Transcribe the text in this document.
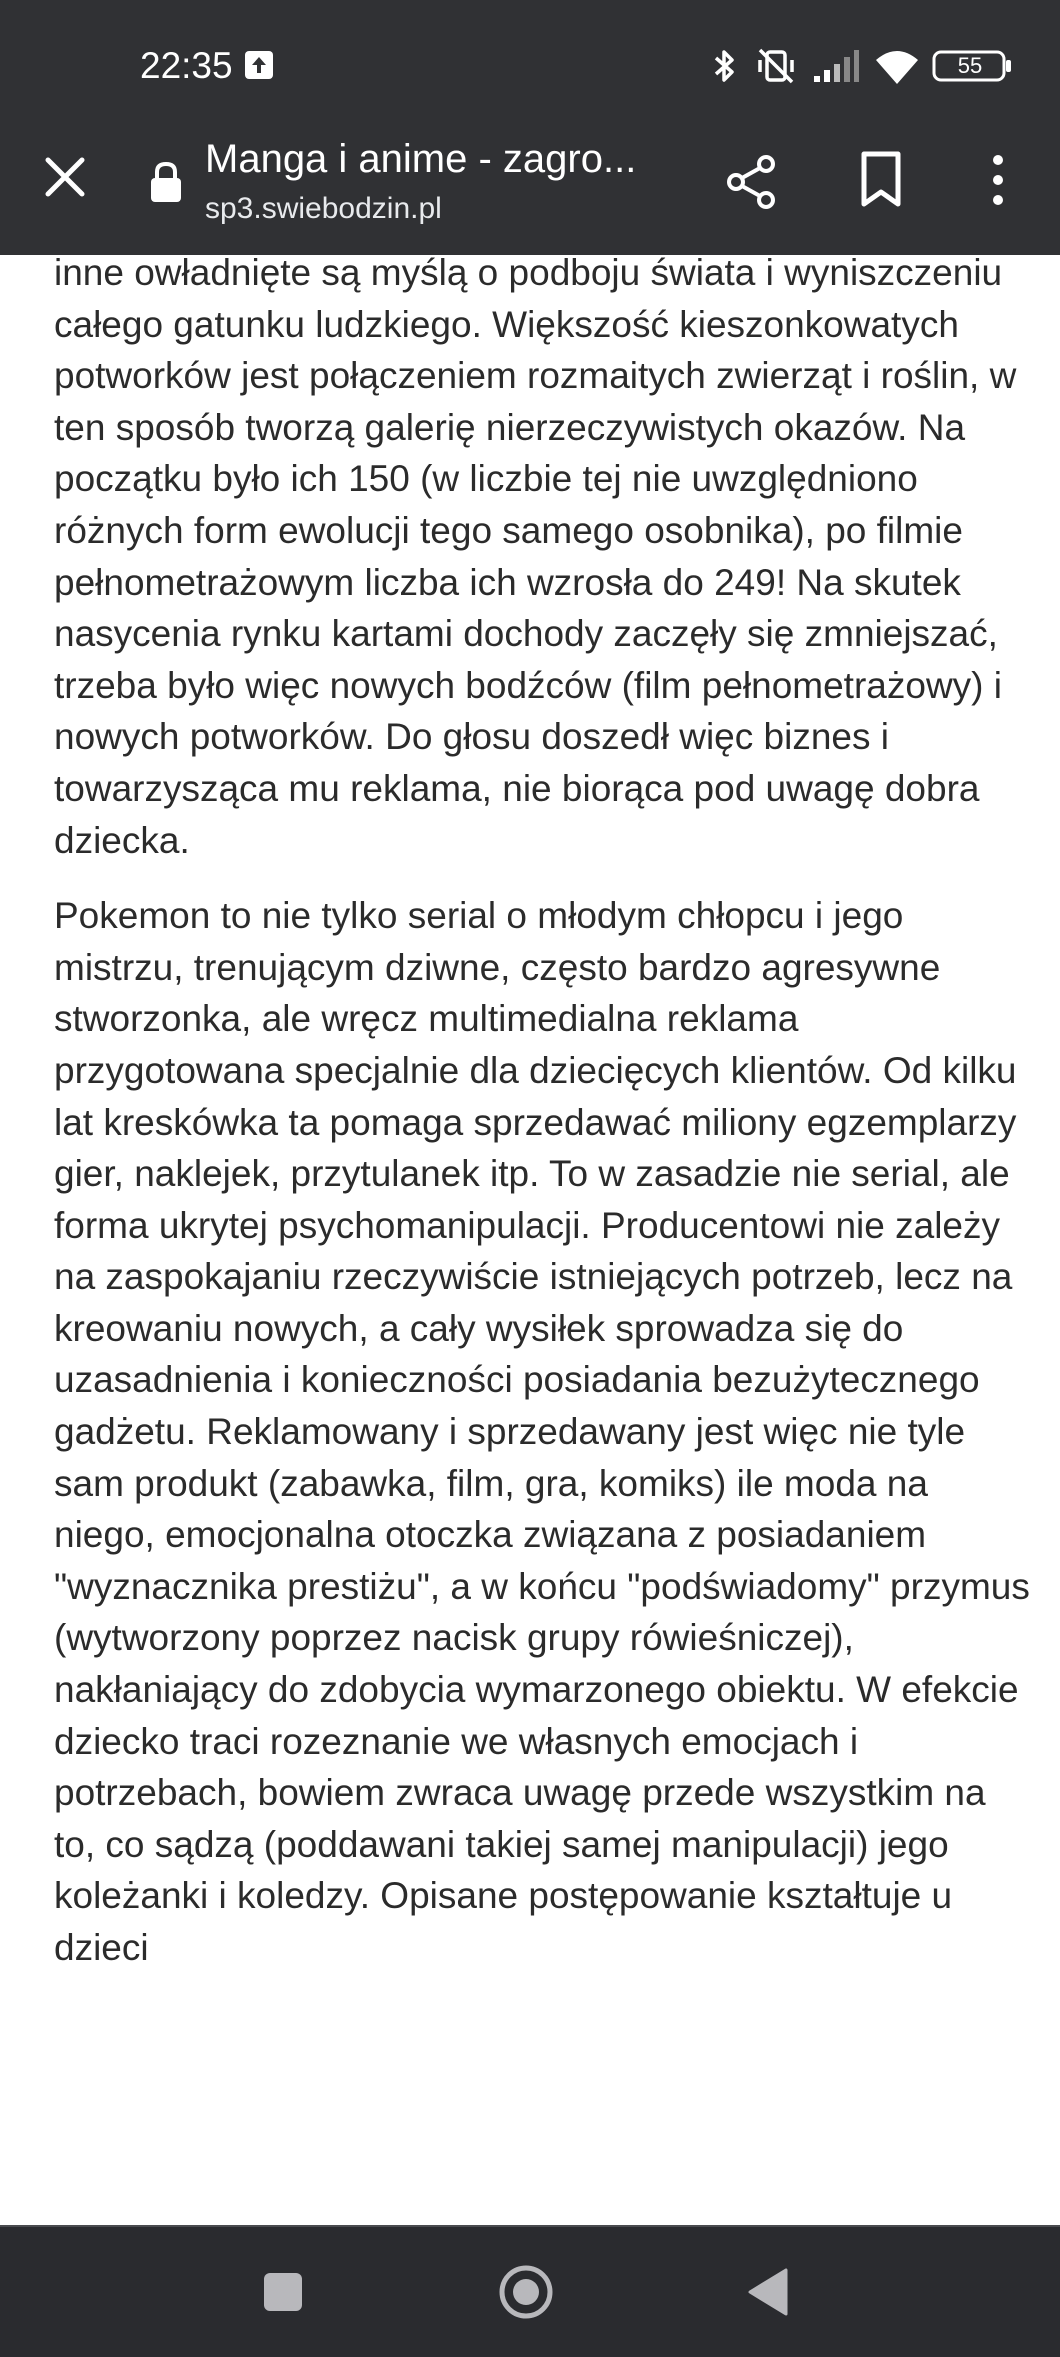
22:35	55
Manga i anime - zagro...
sp3.swiebodzin.pl

inne owładnięte są myślą o podboju świata i wyniszczeniu całego gatunku ludzkiego. Większość kieszonkowatych potworków jest połączeniem rozmaitych zwierząt i roślin, w ten sposób tworzą galerię nierzeczywistych okazów. Na początku było ich 150 (w liczbie tej nie uwzględniono różnych form ewolucji tego samego osobnika), po filmie pełnometrażowym liczba ich wzrosła do 249! Na skutek nasycenia rynku kartami dochody zaczęły się zmniejszać, trzeba było więc nowych bodźców (film pełnometrażowy) i nowych potworków. Do głosu doszedł więc biznes i towarzysząca mu reklama, nie biorąca pod uwagę dobra dziecka.

Pokemon to nie tylko serial o młodym chłopcu i jego mistrzu, trenującym dziwne, często bardzo agresywne stworzonka, ale wręcz multimedialna reklama przygotowana specjalnie dla dziecięcych klientów. Od kilku lat kreskówka ta pomaga sprzedawać miliony egzemplarzy gier, naklejek, przytulanek itp. To w zasadzie nie serial, ale forma ukrytej psychomanipulacji. Producentowi nie zależy na zaspokajaniu rzeczywiście istniejących potrzeb, lecz na kreowaniu nowych, a cały wysiłek sprowadza się do uzasadnienia i konieczności posiadania bezużytecznego gadżetu. Reklamowany i sprzedawany jest więc nie tyle sam produkt (zabawka, film, gra, komiks) ile moda na niego, emocjonalna otoczka związana z posiadaniem "wyznacznika prestiżu", a w końcu "podświadomy" przymus (wytworzony poprzez nacisk grupy rówieśniczej), nakłaniający do zdobycia wymarzonego obiektu. W efekcie dziecko traci rozeznanie we własnych emocjach i potrzebach, bowiem zwraca uwagę przede wszystkim na to, co sądzą (poddawani takiej samej manipulacji) jego koleżanki i koledzy. Opisane postępowanie kształtuje u dzieci
